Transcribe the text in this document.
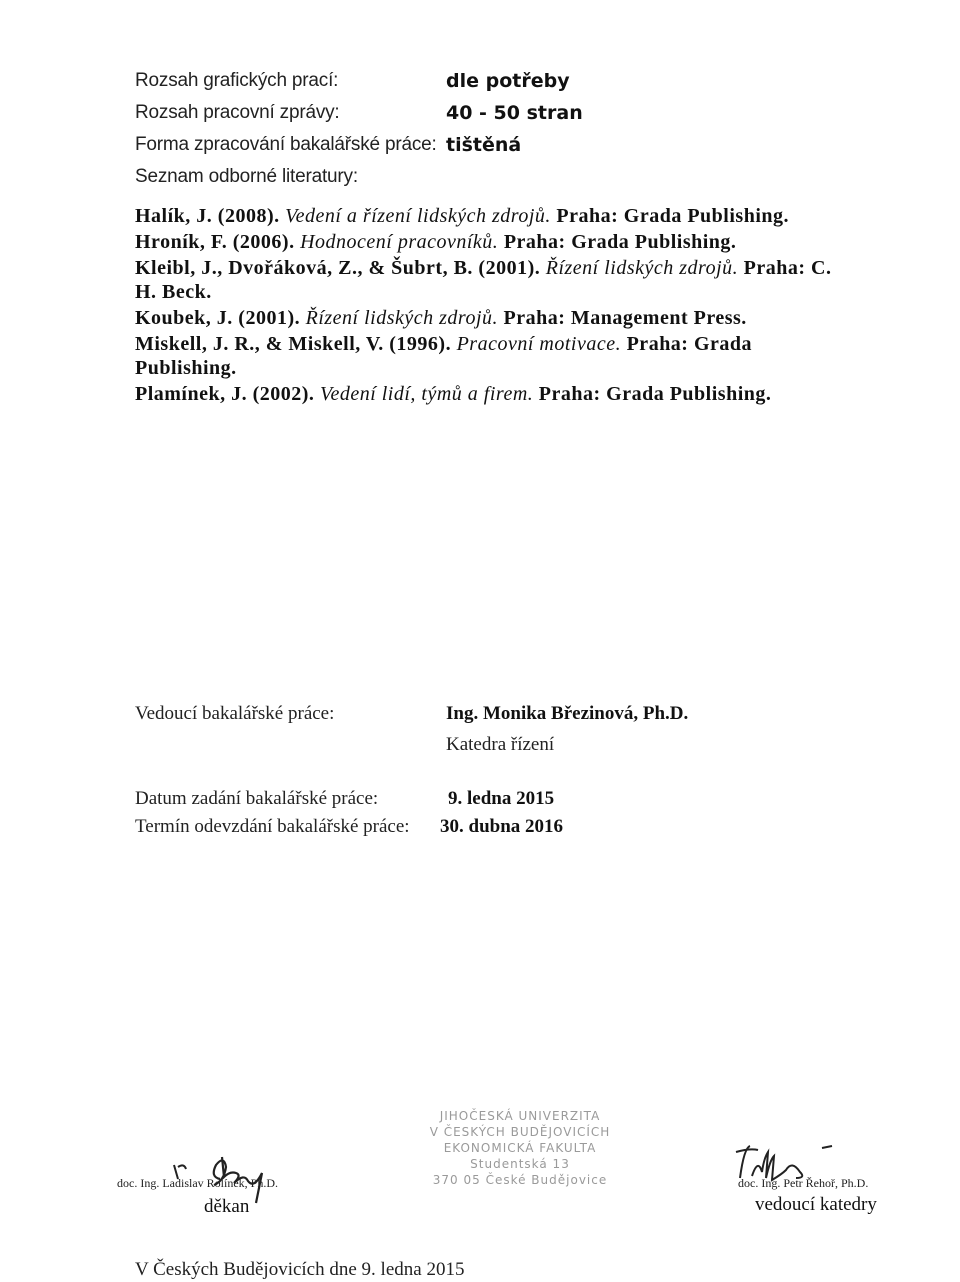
Rozsah grafických prací:	dle potřeby
Rozsah pracovní zprávy:	40 - 50 stran
Forma zpracování bakalářské práce: tištěná
Seznam odborné literatury:
Halík, J. (2008). Vedení a řízení lidských zdrojů. Praha: Grada Publishing.
Hroník, F. (2006). Hodnocení pracovníků. Praha: Grada Publishing.
Kleibl, J., Dvořáková, Z., & Šubrt, B. (2001). Řízení lidských zdrojů. Praha: C. H. Beck.
Koubek, J. (2001). Řízení lidských zdrojů. Praha: Management Press.
Miskell, J. R., & Miskell, V. (1996). Pracovní motivace. Praha: Grada Publishing.
Plamínek, J. (2002). Vedení lidí, týmů a firem. Praha: Grada Publishing.
Vedoucí bakalářské práce:	Ing. Monika Březinová, Ph.D.
Katedra řízení
Datum zadání bakalářské práce:	9. ledna 2015
Termín odevzdání bakalářské práce: 30. dubna 2016
doc. Ing. Ladislav Rolínek, Ph.D.
děkan
JIHOČESKÁ UNIVERZITA
V ČESKÝCH BUDĚJOVICÍCH
EKONOMICKÁ FAKULTA
Studentská 13
370 05 České Budějovice	doc. Ing. Petr Řehoř, Ph.D.
vedoucí katedry
V Českých Budějovicích dne 9. ledna 2015
